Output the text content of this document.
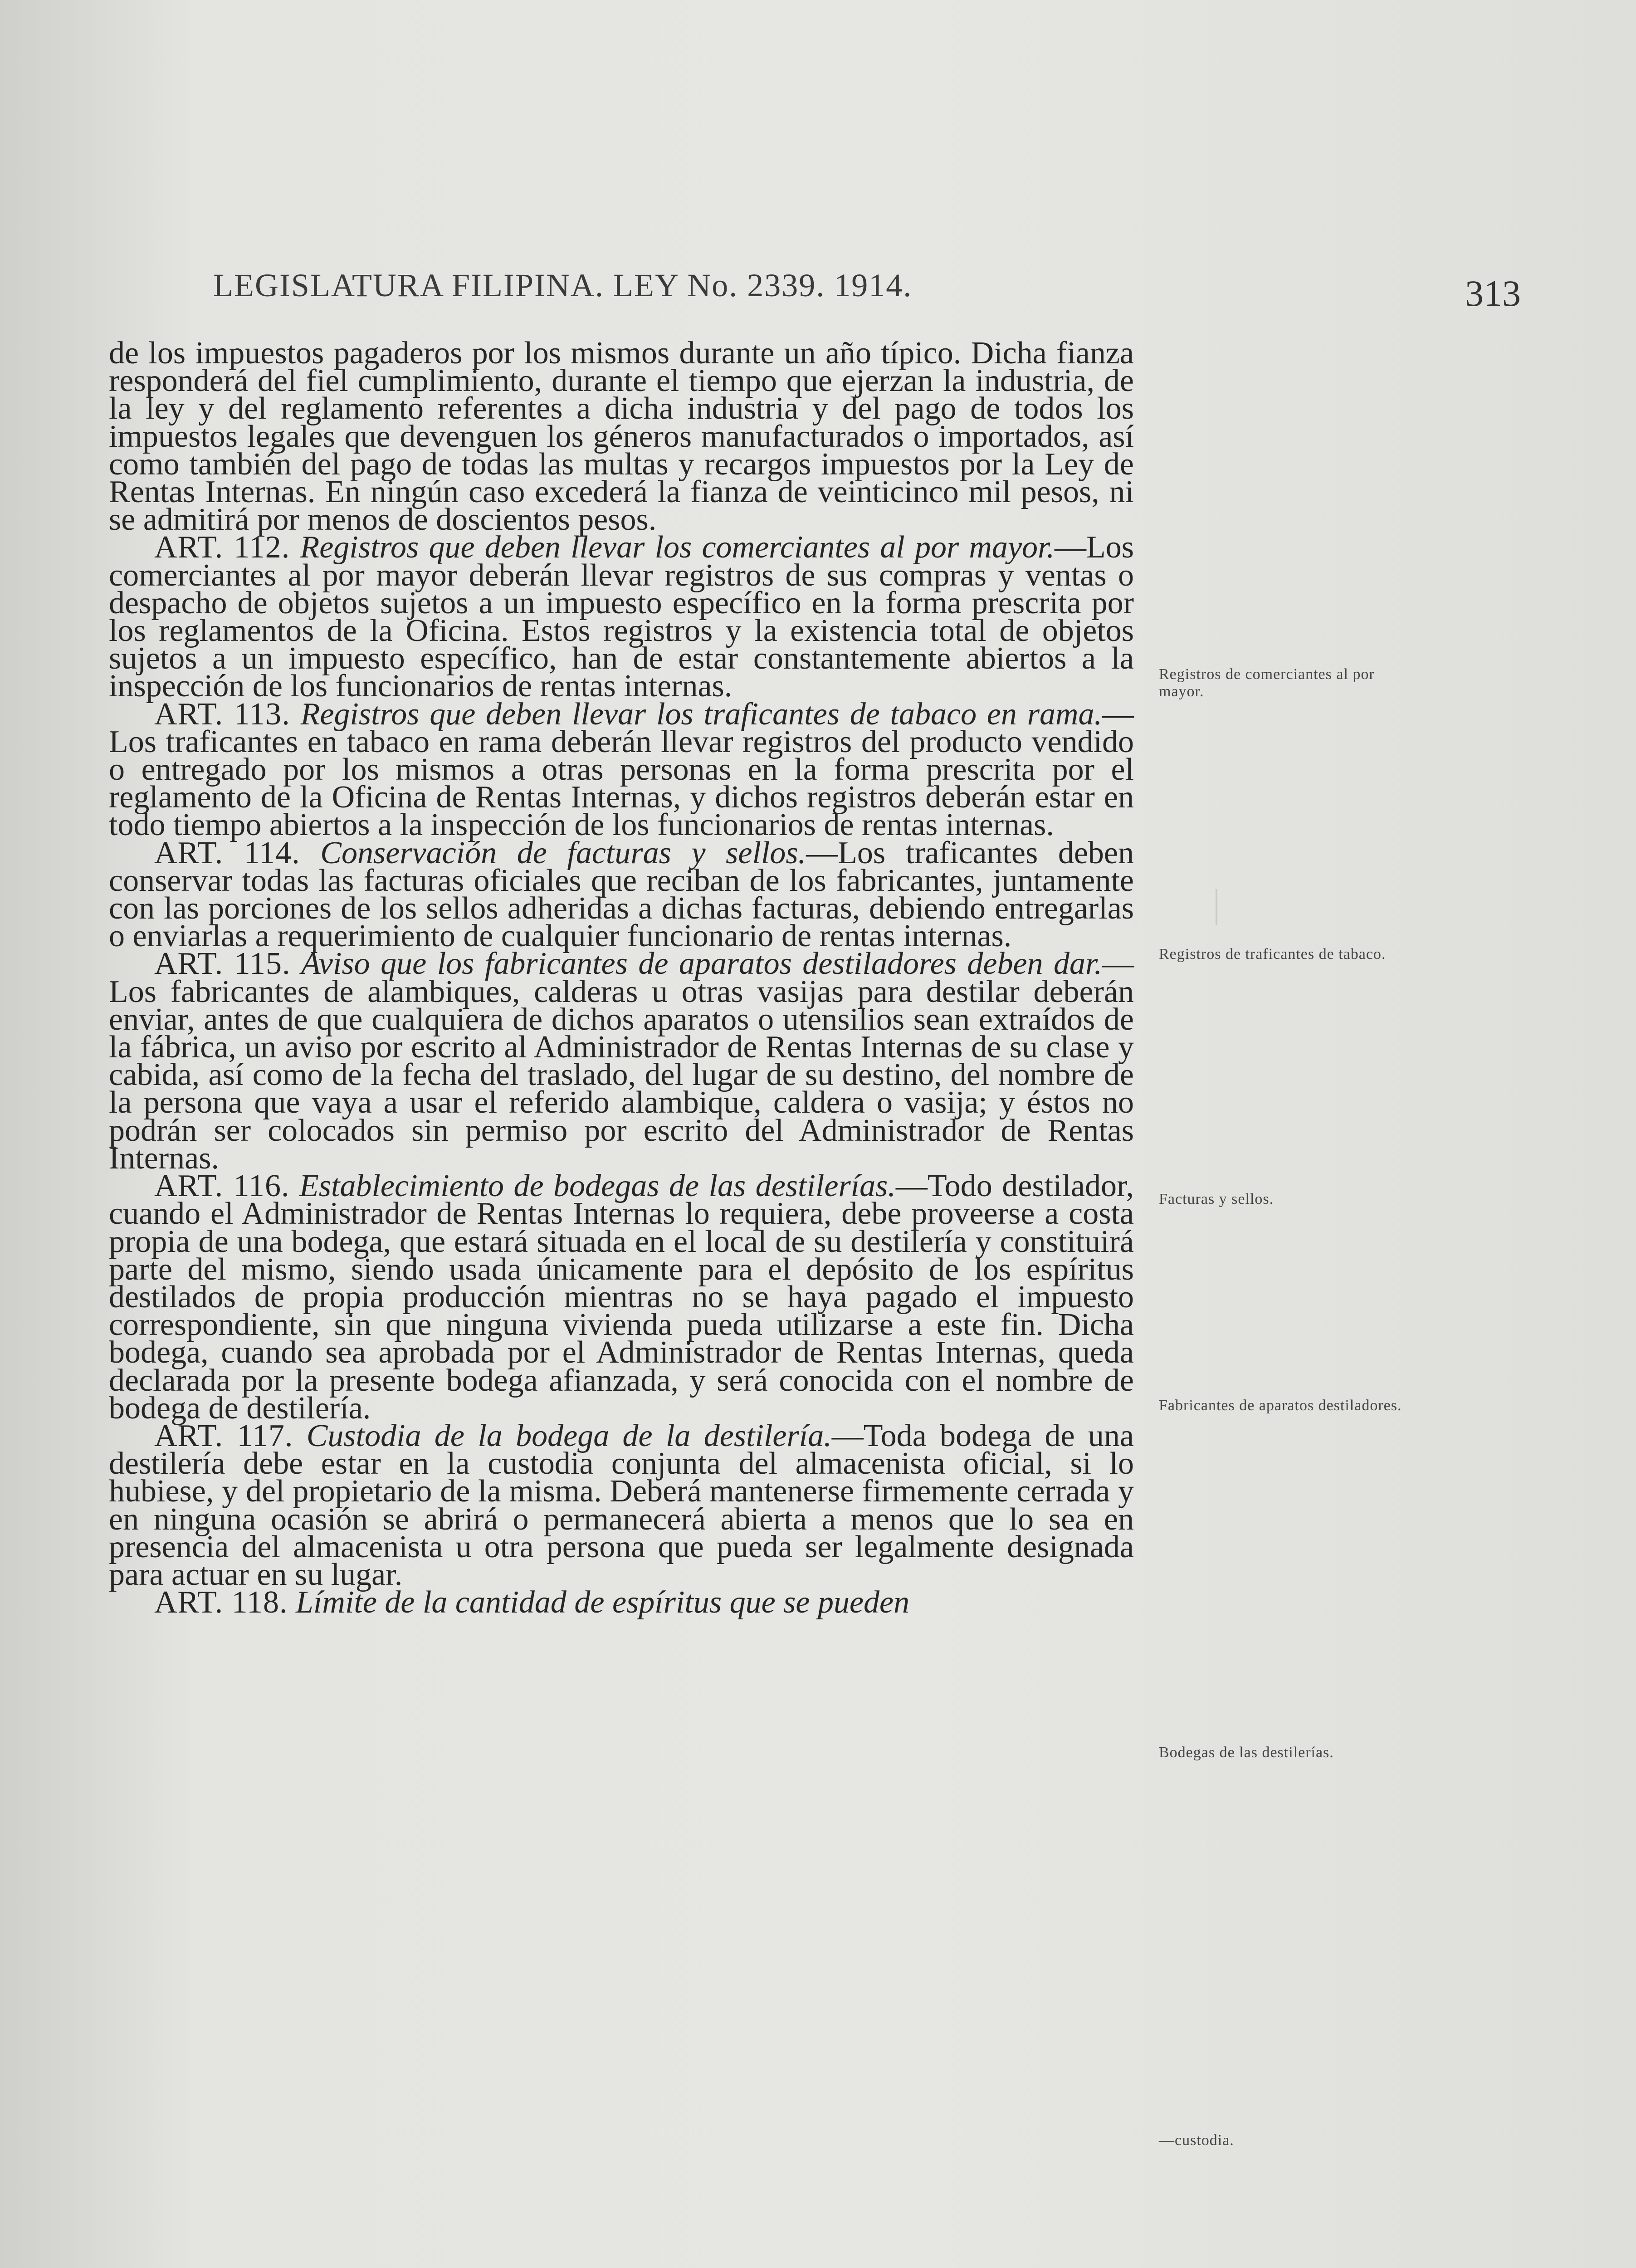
LEGISLATURA FILIPINA. LEY No. 2339. 1914.	313

de los impuestos pagaderos por los mismos durante un año típico. Dicha fianza responderá del fiel cumplimiento, durante el tiempo que ejerzan la industria, de la ley y del reglamento referentes a dicha industria y del pago de todos los impuestos legales que devenguen los géneros manufacturados o importados, así como también del pago de todas las multas y recargos impuestos por la Ley de Rentas Internas. En ningún caso excederá la fianza de veinticinco mil pesos, ni se admitirá por menos de doscientos pesos.

ART. 112. Registros que deben llevar los comerciantes al por mayor.—Los comerciantes al por mayor deberán llevar registros de sus compras y ventas o despacho de objetos sujetos a un impuesto específico en la forma prescrita por los reglamentos de la Oficina. Estos registros y la existencia total de objetos sujetos a un impuesto específico, han de estar constantemente abiertos a la inspección de los funcionarios de rentas internas.

ART. 113. Registros que deben llevar los traficantes de tabaco en rama.—Los traficantes en tabaco en rama deberán llevar registros del producto vendido o entregado por los mismos a otras personas en la forma prescrita por el reglamento de la Oficina de Rentas Internas, y dichos registros deberán estar en todo tiempo abiertos a la inspección de los funcionarios de rentas internas.

ART. 114. Conservación de facturas y sellos.—Los traficantes deben conservar todas las facturas oficiales que reciban de los fabricantes, juntamente con las porciones de los sellos adheridas a dichas facturas, debiendo entregarlas o enviarlas a requerimiento de cualquier funcionario de rentas internas.

ART. 115. Aviso que los fabricantes de aparatos destiladores deben dar.—Los fabricantes de alambiques, calderas u otras vasijas para destilar deberán enviar, antes de que cualquiera de dichos aparatos o utensilios sean extraídos de la fábrica, un aviso por escrito al Administrador de Rentas Internas de su clase y cabida, así como de la fecha del traslado, del lugar de su destino, del nombre de la persona que vaya a usar el referido alambique, caldera o vasija; y éstos no podrán ser colocados sin permiso por escrito del Administrador de Rentas Internas.

ART. 116. Establecimiento de bodegas de las destilerías.—Todo destilador, cuando el Administrador de Rentas Internas lo requiera, debe proveerse a costa propia de una bodega, que estará situada en el local de su destilería y constituirá parte del mismo, siendo usada únicamente para el depósito de los espíritus destilados de propia producción mientras no se haya pagado el impuesto correspondiente, sin que ninguna vivienda pueda utilizarse a este fin. Dicha bodega, cuando sea aprobada por el Administrador de Rentas Internas, queda declarada por la presente bodega afianzada, y será conocida con el nombre de bodega de destilería.

ART. 117. Custodia de la bodega de la destilería.—Toda bodega de una destilería debe estar en la custodia conjunta del almacenista oficial, si lo hubiese, y del propietario de la misma. Deberá mantenerse firmemente cerrada y en ninguna ocasión se abrirá o permanecerá abierta a menos que lo sea en presencia del almacenista u otra persona que pueda ser legalmente designada para actuar en su lugar.

ART. 118. Límite de la cantidad de espíritus que se pueden

Registros de comerciantes al por mayor.
Registros de traficantes de tabaco.
Facturas y sellos.
Fabricantes de aparatos destiladores.
Bodegas de las destilerías.
—custodia.
